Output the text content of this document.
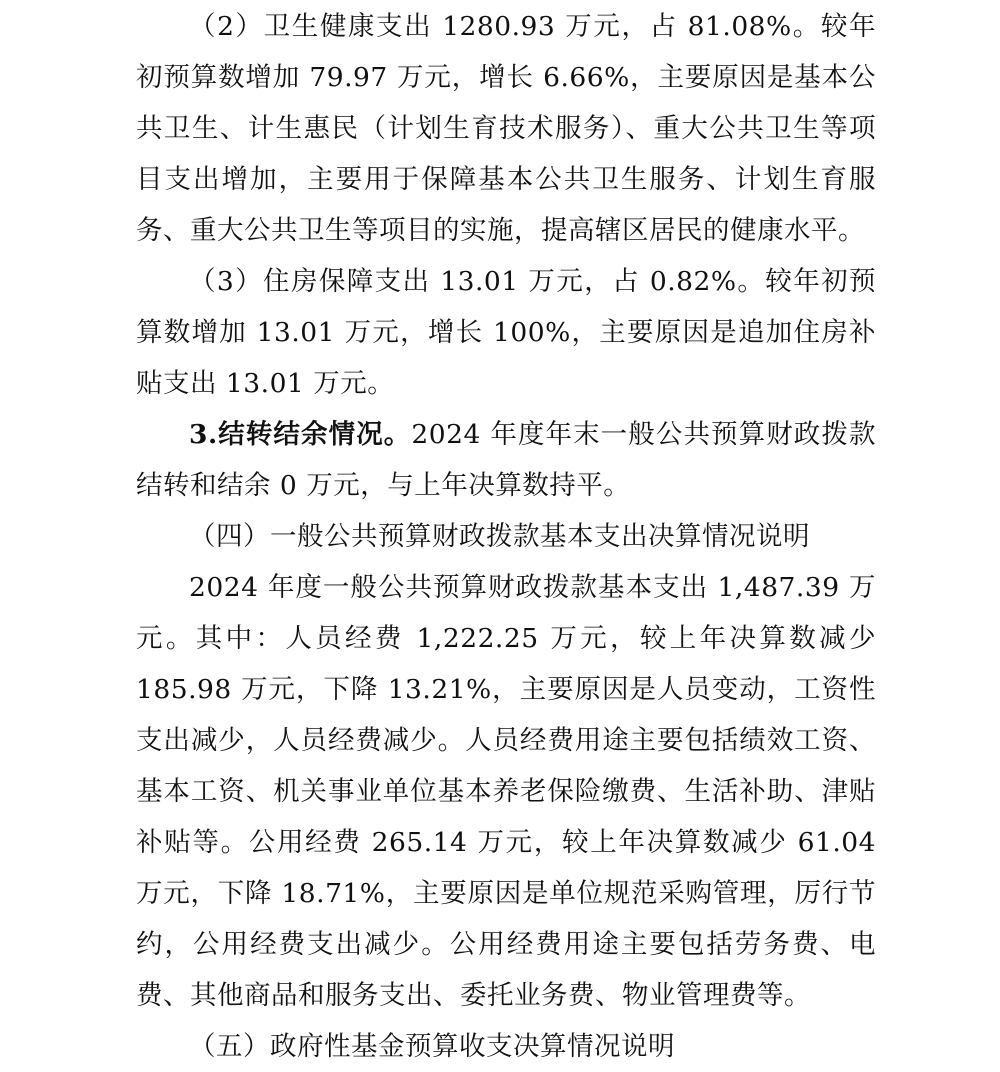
（2）卫生健康支出 1280.93 万元，占 81.08%。较年初预算数增加 79.97 万元，增长 6.66%，主要原因是基本公共卫生、计生惠民（计划生育技术服务）、重大公共卫生等项目支出增加，主要用于保障基本公共卫生服务、计划生育服务、重大公共卫生等项目的实施，提高辖区居民的健康水平。

（3）住房保障支出 13.01 万元，占 0.82%。较年初预算数增加 13.01 万元，增长 100%，主要原因是追加住房补贴支出 13.01 万元。

3.结转结余情况。2024 年度年末一般公共预算财政拨款结转和结余 0 万元，与上年决算数持平。

（四）一般公共预算财政拨款基本支出决算情况说明

2024 年度一般公共预算财政拨款基本支出 1,487.39 万元。其中：人员经费 1,222.25 万元，较上年决算数减少 185.98 万元，下降 13.21%，主要原因是人员变动，工资性支出减少，人员经费减少。人员经费用途主要包括绩效工资、基本工资、机关事业单位基本养老保险缴费、生活补助、津贴补贴等。公用经费 265.14 万元，较上年决算数减少 61.04 万元，下降 18.71%，主要原因是单位规范采购管理，厉行节约，公用经费支出减少。公用经费用途主要包括劳务费、电费、其他商品和服务支出、委托业务费、物业管理费等。

（五）政府性基金预算收支决算情况说明
